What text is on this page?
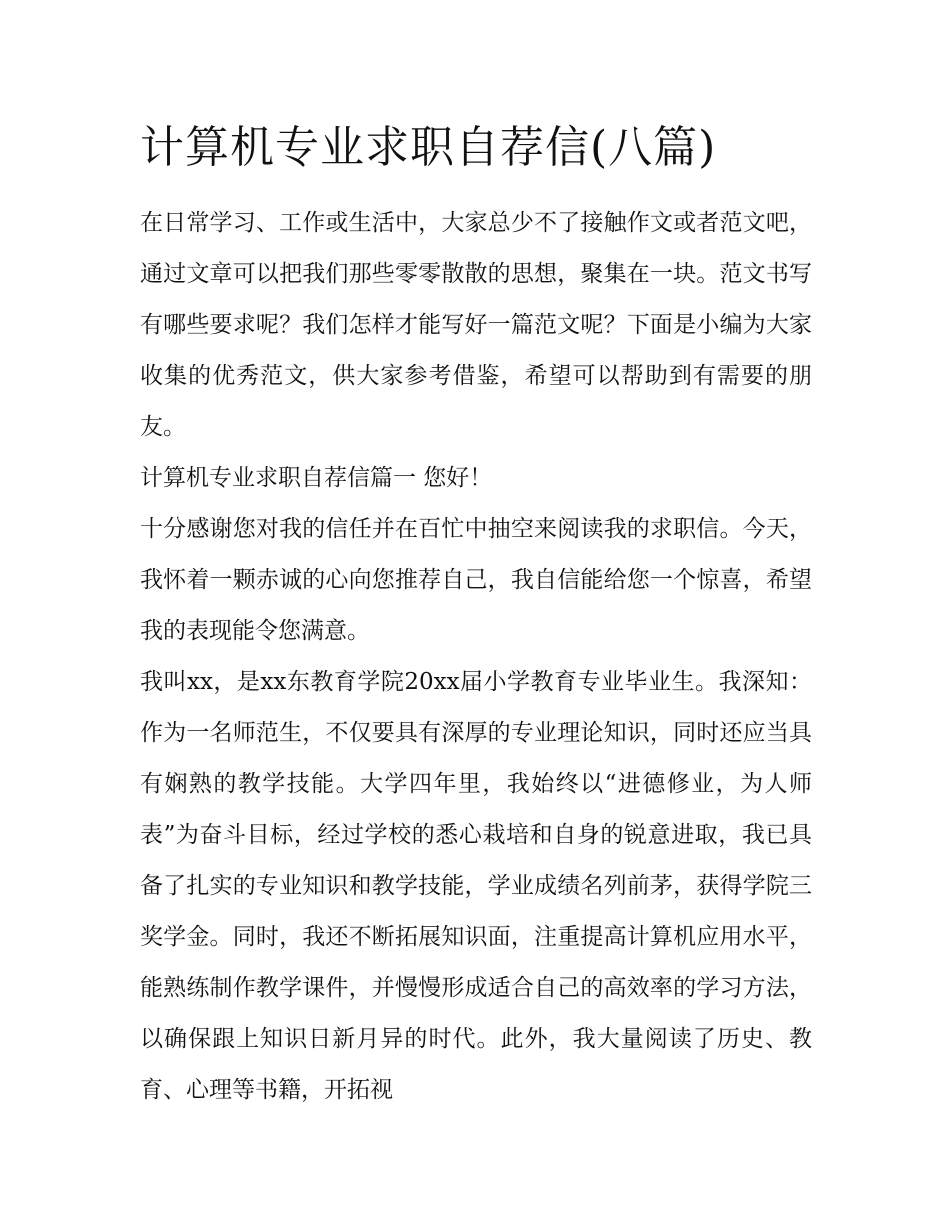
计算机专业求职自荐信(八篇)

在日常学习、工作或生活中，大家总少不了接触作文或者范文吧，通过文章可以把我们那些零零散散的思想，聚集在一块。范文书写有哪些要求呢？我们怎样才能写好一篇范文呢？下面是小编为大家收集的优秀范文，供大家参考借鉴，希望可以帮助到有需要的朋友。

计算机专业求职自荐信篇一 您好！

十分感谢您对我的信任并在百忙中抽空来阅读我的求职信。今天，我怀着一颗赤诚的心向您推荐自己，我自信能给您一个惊喜，希望我的表现能令您满意。

我叫xx，是xx东教育学院20xx届小学教育专业毕业生。我深知：作为一名师范生，不仅要具有深厚的专业理论知识，同时还应当具有娴熟的教学技能。大学四年里，我始终以“进德修业，为人师表”为奋斗目标，经过学校的悉心栽培和自身的锐意进取，我已具备了扎实的专业知识和教学技能，学业成绩名列前茅，获得学院三奖学金。同时，我还不断拓展知识面，注重提高计算机应用水平，能熟练制作教学课件，并慢慢形成适合自己的高效率的学习方法，以确保跟上知识日新月异的时代。此外，我大量阅读了历史、教育、心理等书籍，开拓视
